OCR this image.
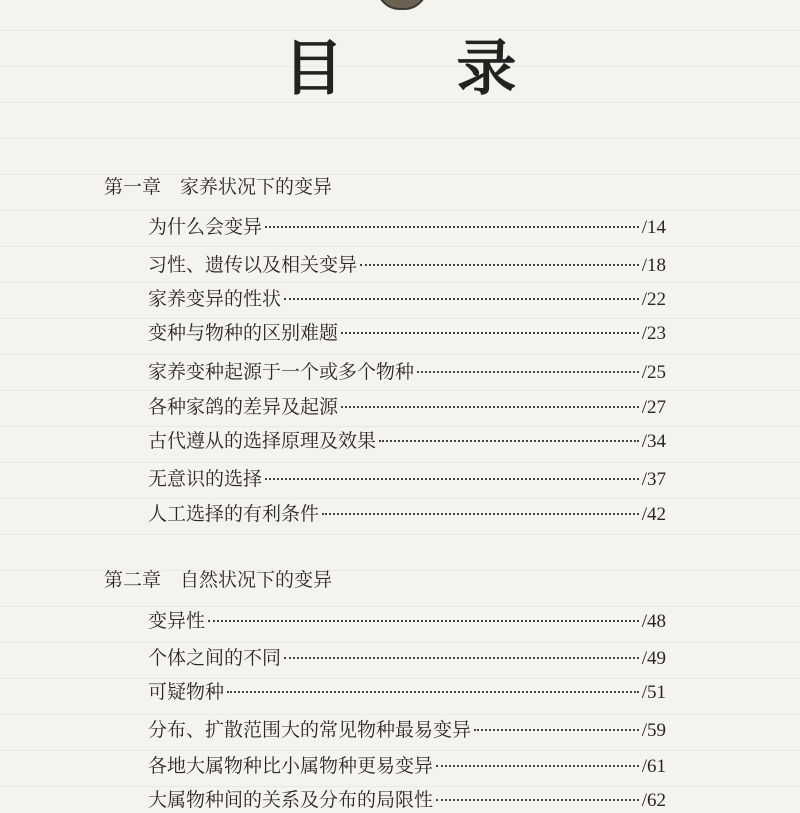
目 录
第一章　家养状况下的变异
为什么会变异	/14
习性、遗传以及相关变异	/18
家养变异的性状	/22
变种与物种的区别难题	/23
家养变种起源于一个或多个物种	/25
各种家鸽的差异及起源	/27
古代遵从的选择原理及效果	/34
无意识的选择	/37
人工选择的有利条件	/42
第二章　自然状况下的变异
变异性	/48
个体之间的不同	/49
可疑物种	/51
分布、扩散范围大的常见物种最易变异	/59
各地大属物种比小属物种更易变异	/61
大属物种间的关系及分布的局限性	/62
